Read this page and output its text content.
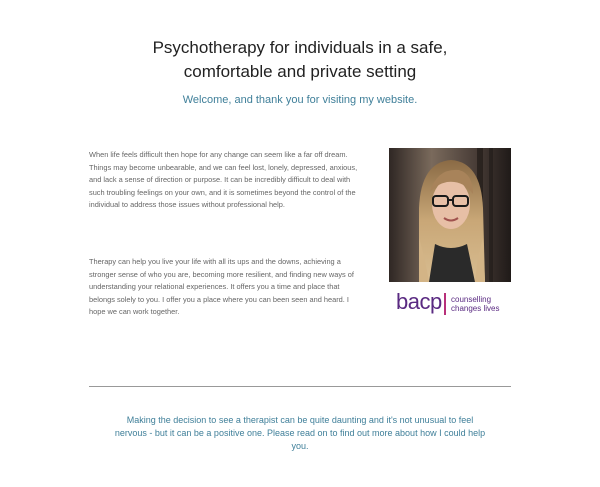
Psychotherapy for individuals in a safe,
comfortable and private setting
Welcome, and thank you for visiting my website.
When life feels difficult then hope for any change can seem like a far off dream. Things may become unbearable, and we can feel lost, lonely, depressed, anxious, and lack a sense of direction or purpose. It can be incredibly difficult to deal with such troubling feelings on your own, and it is sometimes beyond the control of the individual to address those issues without professional help.
Therapy can help you live your life with all its ups and the downs, achieving a stronger sense of who you are, becoming more resilient, and finding new ways of understanding your relational experiences. It offers you a time and place that belongs solely to you. I offer you a place where you can been seen and heard. I hope we can work together.	bacp counselling
changes lives
Making the decision to see a therapist can be quite daunting and it's not unusual to feel nervous - but it can be a positive one. Please read on to find out more about how I could help you.
